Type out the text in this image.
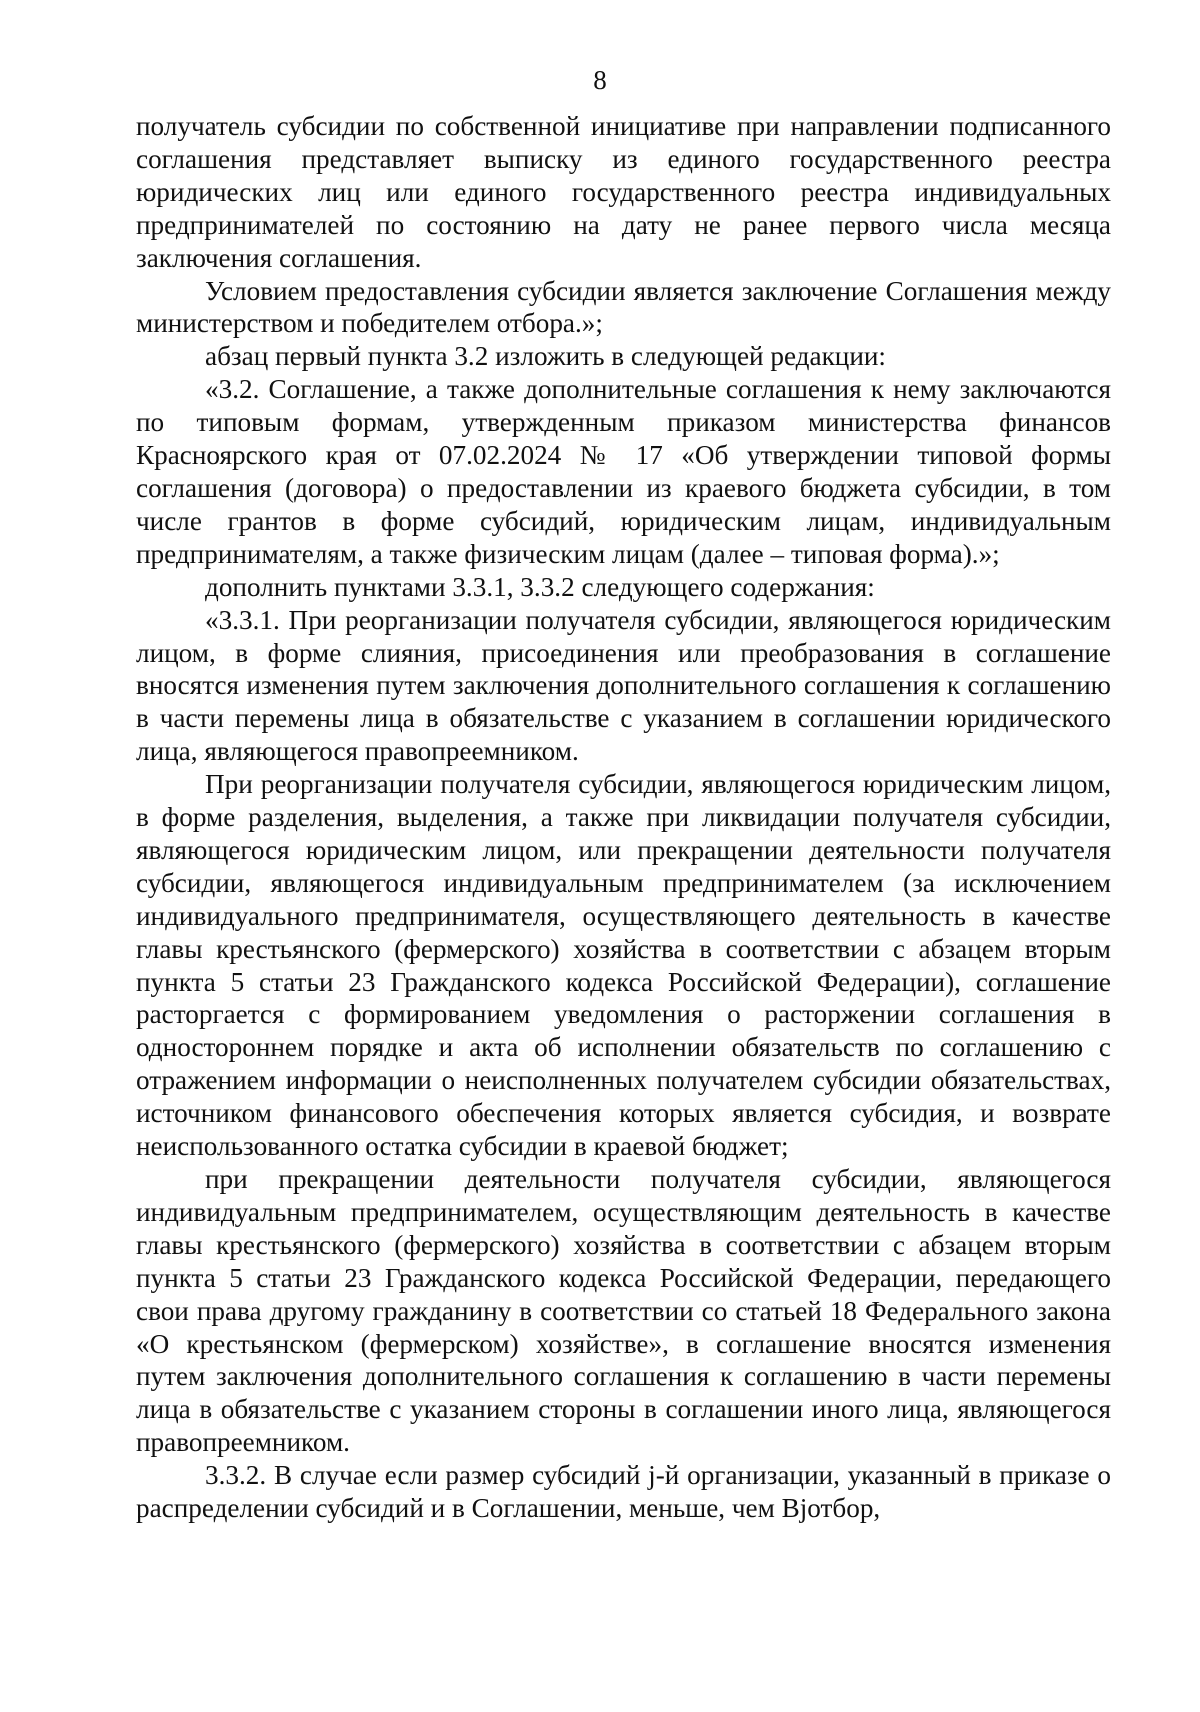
8

получатель субсидии по собственной инициативе при направлении подписанного соглашения представляет выписку из единого государственного реестра юридических лиц или единого государственного реестра индивидуальных предпринимателей по состоянию на дату не ранее первого числа месяца заключения соглашения.

Условием предоставления субсидии является заключение Соглашения между министерством и победителем отбора.»;

абзац первый пункта 3.2 изложить в следующей редакции:

«3.2. Соглашение, а также дополнительные соглашения к нему заключаются по типовым формам, утвержденным приказом министерства финансов Красноярского края от 07.02.2024 № 17 «Об утверждении типовой формы соглашения (договора) о предоставлении из краевого бюджета субсидии, в том числе грантов в форме субсидий, юридическим лицам, индивидуальным предпринимателям, а также физическим лицам (далее – типовая форма).»;

дополнить пунктами 3.3.1, 3.3.2 следующего содержания:

«3.3.1. При реорганизации получателя субсидии, являющегося юридическим лицом, в форме слияния, присоединения или преобразования в соглашение вносятся изменения путем заключения дополнительного соглашения к соглашению в части перемены лица в обязательстве с указанием в соглашении юридического лица, являющегося правопреемником.

При реорганизации получателя субсидии, являющегося юридическим лицом, в форме разделения, выделения, а также при ликвидации получателя субсидии, являющегося юридическим лицом, или прекращении деятельности получателя субсидии, являющегося индивидуальным предпринимателем (за исключением индивидуального предпринимателя, осуществляющего деятельность в качестве главы крестьянского (фермерского) хозяйства в соответствии с абзацем вторым пункта 5 статьи 23 Гражданского кодекса Российской Федерации), соглашение расторгается с формированием уведомления о расторжении соглашения в одностороннем порядке и акта об исполнении обязательств по соглашению с отражением информации о неисполненных получателем субсидии обязательствах, источником финансового обеспечения которых является субсидия, и возврате неиспользованного остатка субсидии в краевой бюджет;

при прекращении деятельности получателя субсидии, являющегося индивидуальным предпринимателем, осуществляющим деятельность в качестве главы крестьянского (фермерского) хозяйства в соответствии с абзацем вторым пункта 5 статьи 23 Гражданского кодекса Российской Федерации, передающего свои права другому гражданину в соответствии со статьей 18 Федерального закона «О крестьянском (фермерском) хозяйстве», в соглашение вносятся изменения путем заключения дополнительного соглашения к соглашению в части перемены лица в обязательстве с указанием стороны в соглашении иного лица, являющегося правопреемником.

3.3.2. В случае если размер субсидий j-й организации, указанный в приказе о распределении субсидий и в Соглашении, меньше, чем Bjотбор,
